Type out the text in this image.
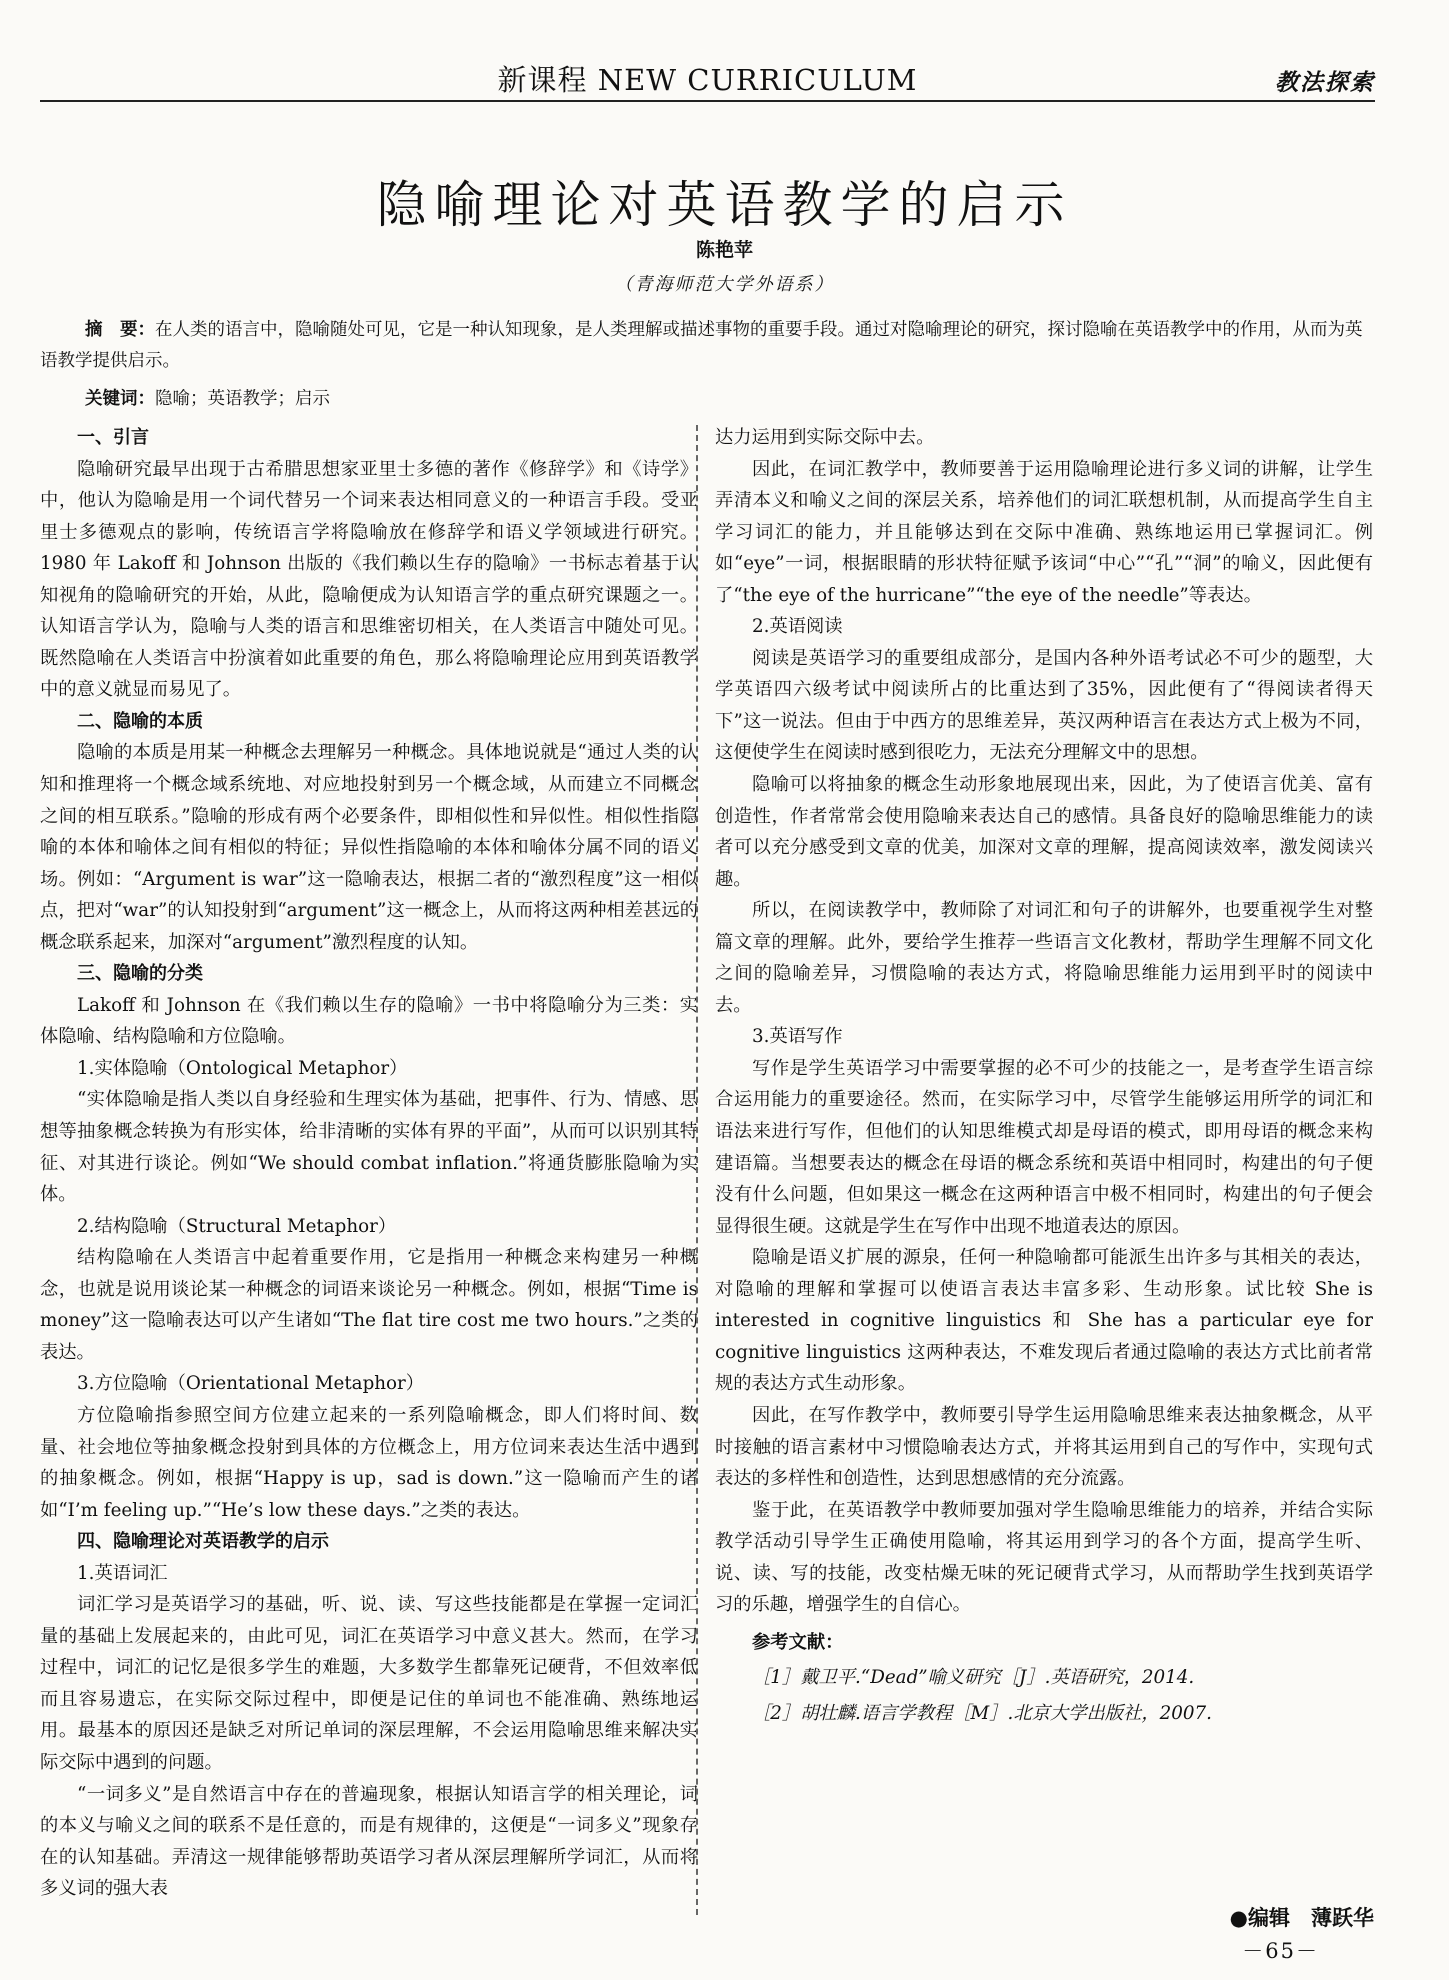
新课程 NEW CURRICULUM	教法探索
隐喻理论对英语教学的启示
陈艳苹
（青海师范大学外语系）
摘　要：在人类的语言中，隐喻随处可见，它是一种认知现象，是人类理解或描述事物的重要手段。通过对隐喻理论的研究，探讨隐喻在英语教学中的作用，从而为英语教学提供启示。
关键词：隐喻；英语教学；启示
一、引言

隐喻研究最早出现于古希腊思想家亚里士多德的著作《修辞学》和《诗学》中，他认为隐喻是用一个词代替另一个词来表达相同意义的一种语言手段。受亚里士多德观点的影响，传统语言学将隐喻放在修辞学和语义学领域进行研究。1980 年 Lakoff 和 Johnson 出版的《我们赖以生存的隐喻》一书标志着基于认知视角的隐喻研究的开始，从此，隐喻便成为认知语言学的重点研究课题之一。认知语言学认为，隐喻与人类的语言和思维密切相关，在人类语言中随处可见。既然隐喻在人类语言中扮演着如此重要的角色，那么将隐喻理论应用到英语教学中的意义就显而易见了。

二、隐喻的本质

隐喻的本质是用某一种概念去理解另一种概念。具体地说就是“通过人类的认知和推理将一个概念域系统地、对应地投射到另一个概念域，从而建立不同概念之间的相互联系。”隐喻的形成有两个必要条件，即相似性和异似性。相似性指隐喻的本体和喻体之间有相似的特征；异似性指隐喻的本体和喻体分属不同的语义场。例如：“Argument is war”这一隐喻表达，根据二者的“激烈程度”这一相似点，把对“war”的认知投射到“argument”这一概念上，从而将这两种相差甚远的概念联系起来，加深对“argument”激烈程度的认知。

三、隐喻的分类

Lakoff 和 Johnson 在《我们赖以生存的隐喻》一书中将隐喻分为三类：实体隐喻、结构隐喻和方位隐喻。

1.实体隐喻（Ontological Metaphor）

“实体隐喻是指人类以自身经验和生理实体为基础，把事件、行为、情感、思想等抽象概念转换为有形实体，给非清晰的实体有界的平面”，从而可以识别其特征、对其进行谈论。例如“We should combat inflation.”将通货膨胀隐喻为实体。

2.结构隐喻（Structural Metaphor）

结构隐喻在人类语言中起着重要作用，它是指用一种概念来构建另一种概念，也就是说用谈论某一种概念的词语来谈论另一种概念。例如，根据“Time is money”这一隐喻表达可以产生诸如“The flat tire cost me two hours.”之类的表达。

3.方位隐喻（Orientational Metaphor）

方位隐喻指参照空间方位建立起来的一系列隐喻概念，即人们将时间、数量、社会地位等抽象概念投射到具体的方位概念上，用方位词来表达生活中遇到的抽象概念。例如，根据“Happy is up，sad is down.”这一隐喻而产生的诸如“I’m feeling up.”“He’s low these days.”之类的表达。

四、隐喻理论对英语教学的启示
1.英语词汇

词汇学习是英语学习的基础，听、说、读、写这些技能都是在掌握一定词汇量的基础上发展起来的，由此可见，词汇在英语学习中意义甚大。然而，在学习过程中，词汇的记忆是很多学生的难题，大多数学生都靠死记硬背，不但效率低而且容易遗忘，在实际交际过程中，即便是记住的单词也不能准确、熟练地运用。最基本的原因还是缺乏对所记单词的深层理解，不会运用隐喻思维来解决实际交际中遇到的问题。

“一词多义”是自然语言中存在的普遍现象，根据认知语言学的相关理论，词的本义与喻义之间的联系不是任意的，而是有规律的，这便是“一词多义”现象存在的认知基础。弄清这一规律能够帮助英语学习者从深层理解所学词汇，从而将多义词的强大表

达力运用到实际交际中去。

因此，在词汇教学中，教师要善于运用隐喻理论进行多义词的讲解，让学生弄清本义和喻义之间的深层关系，培养他们的词汇联想机制，从而提高学生自主学习词汇的能力，并且能够达到在交际中准确、熟练地运用已掌握词汇。例如“eye”一词，根据眼睛的形状特征赋予该词“中心”“孔”“洞”的喻义，因此便有了“the eye of the hurricane”“the eye of the needle”等表达。

2.英语阅读

阅读是英语学习的重要组成部分，是国内各种外语考试必不可少的题型，大学英语四六级考试中阅读所占的比重达到了35%，因此便有了“得阅读者得天下”这一说法。但由于中西方的思维差异，英汉两种语言在表达方式上极为不同，这便使学生在阅读时感到很吃力，无法充分理解文中的思想。

隐喻可以将抽象的概念生动形象地展现出来，因此，为了使语言优美、富有创造性，作者常常会使用隐喻来表达自己的感情。具备良好的隐喻思维能力的读者可以充分感受到文章的优美，加深对文章的理解，提高阅读效率，激发阅读兴趣。

所以，在阅读教学中，教师除了对词汇和句子的讲解外，也要重视学生对整篇文章的理解。此外，要给学生推荐一些语言文化教材，帮助学生理解不同文化之间的隐喻差异，习惯隐喻的表达方式，将隐喻思维能力运用到平时的阅读中去。

3.英语写作

写作是学生英语学习中需要掌握的必不可少的技能之一，是考查学生语言综合运用能力的重要途径。然而，在实际学习中，尽管学生能够运用所学的词汇和语法来进行写作，但他们的认知思维模式却是母语的模式，即用母语的概念来构建语篇。当想要表达的概念在母语的概念系统和英语中相同时，构建出的句子便没有什么问题，但如果这一概念在这两种语言中极不相同时，构建出的句子便会显得很生硬。这就是学生在写作中出现不地道表达的原因。

隐喻是语义扩展的源泉，任何一种隐喻都可能派生出许多与其相关的表达，对隐喻的理解和掌握可以使语言表达丰富多彩、生动形象。试比较 She is interested in cognitive linguistics 和 She has a particular eye for cognitive linguistics 这两种表达，不难发现后者通过隐喻的表达方式比前者常规的表达方式生动形象。

因此，在写作教学中，教师要引导学生运用隐喻思维来表达抽象概念，从平时接触的语言素材中习惯隐喻表达方式，并将其运用到自己的写作中，实现句式表达的多样性和创造性，达到思想感情的充分流露。

鉴于此，在英语教学中教师要加强对学生隐喻思维能力的培养，并结合实际教学活动引导学生正确使用隐喻，将其运用到学习的各个方面，提高学生听、说、读、写的技能，改变枯燥无味的死记硬背式学习，从而帮助学生找到英语学习的乐趣，增强学生的自信心。

参考文献：
［1］戴卫平.“Dead”喻义研究［J］.英语研究，2014.
［2］胡壮麟.语言学教程［M］.北京大学出版社，2007.
●编辑　薄跃华
－65－
